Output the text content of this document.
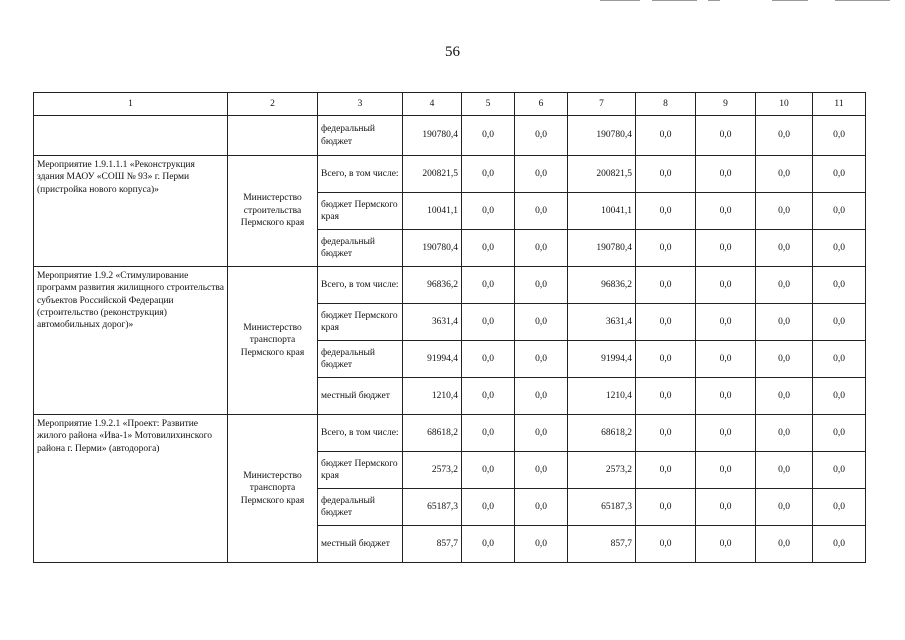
56
1	2	3	4	5	6	7	8	9	10	11
		федеральный бюджет	190780,4	0,0	0,0	190780,4	0,0	0,0	0,0	0,0
Мероприятие 1.9.1.1.1 «Реконструкция здания МАОУ «СОШ № 93» г. Перми (пристройка нового корпуса)»	Министерство строительства Пермского края	Всего, в том числе:	200821,5	0,0	0,0	200821,5	0,0	0,0	0,0	0,0
		бюджет Пермского края	10041,1	0,0	0,0	10041,1	0,0	0,0	0,0	0,0
		федеральный бюджет	190780,4	0,0	0,0	190780,4	0,0	0,0	0,0	0,0
Мероприятие 1.9.2 «Стимулирование программ развития жилищного строительства субъектов Российской Федерации (строительство (реконструкция) автомобильных дорог)»	Министерство транспорта Пермского края	Всего, в том числе:	96836,2	0,0	0,0	96836,2	0,0	0,0	0,0	0,0
		бюджет Пермского края	3631,4	0,0	0,0	3631,4	0,0	0,0	0,0	0,0
		федеральный бюджет	91994,4	0,0	0,0	91994,4	0,0	0,0	0,0	0,0
		местный бюджет	1210,4	0,0	0,0	1210,4	0,0	0,0	0,0	0,0
Мероприятие 1.9.2.1 «Проект: Развитие жилого района «Ива-1» Мотовилихинского района г. Перми» (автодорога)	Министерство транспорта Пермского края	Всего, в том числе:	68618,2	0,0	0,0	68618,2	0,0	0,0	0,0	0,0
		бюджет Пермского края	2573,2	0,0	0,0	2573,2	0,0	0,0	0,0	0,0
		федеральный бюджет	65187,3	0,0	0,0	65187,3	0,0	0,0	0,0	0,0
		местный бюджет	857,7	0,0	0,0	857,7	0,0	0,0	0,0	0,0
